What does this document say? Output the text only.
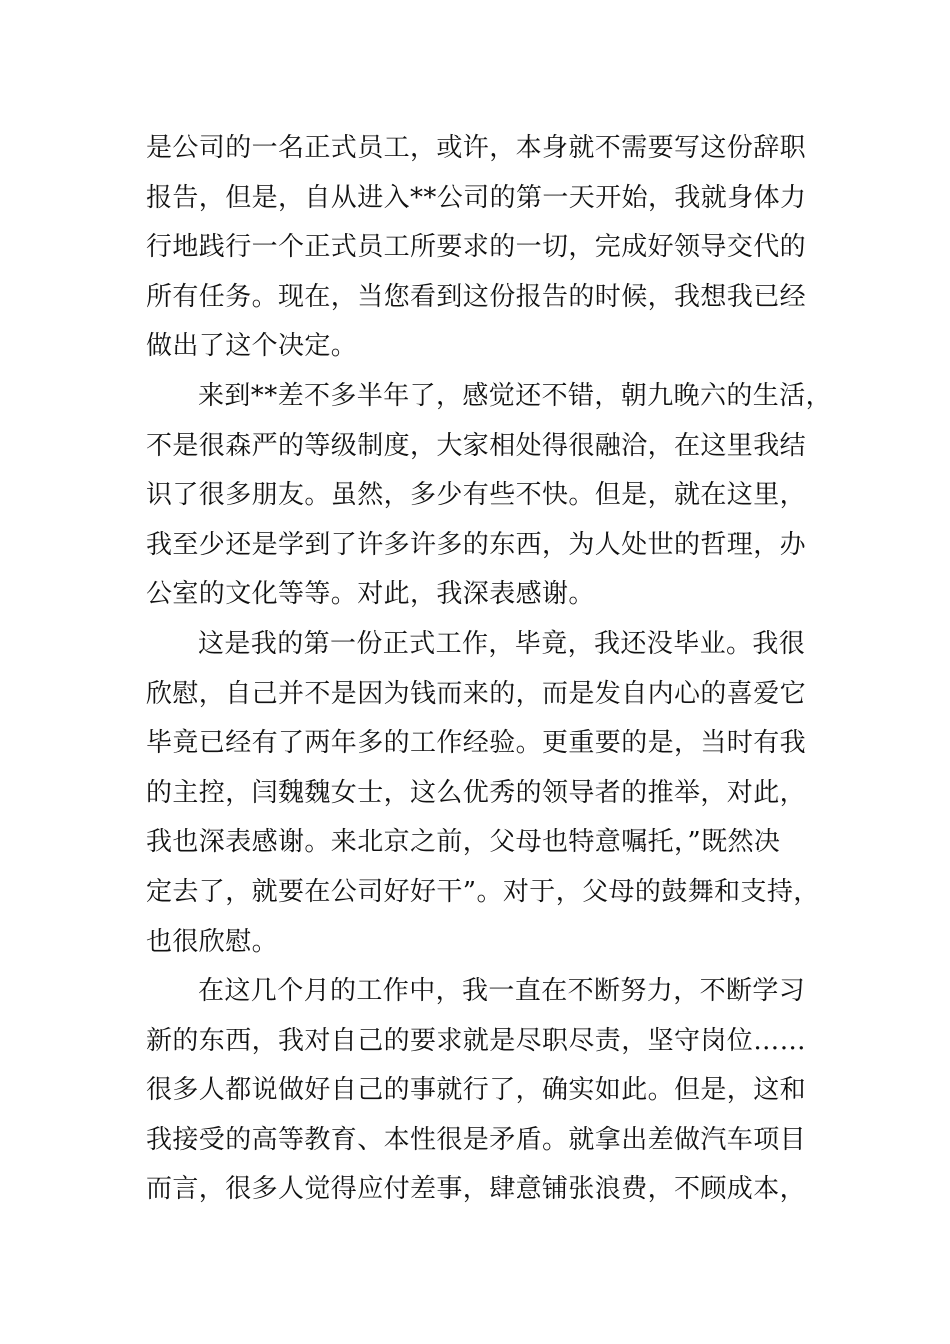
是公司的一名正式员工，或许，本身就不需要写这份辞职
报告，但是，自从进入**公司的第一天开始，我就身体力
行地践行一个正式员工所要求的一切，完成好领导交代的
所有任务。现在，当您看到这份报告的时候，我想我已经
做出了这个决定。
来到**差不多半年了，感觉还不错，朝九晚六的生活，
不是很森严的等级制度，大家相处得很融洽，在这里我结
识了很多朋友。虽然，多少有些不快。但是，就在这里，
我至少还是学到了许多许多的东西，为人处世的哲理，办
公室的文化等等。对此，我深表感谢。
这是我的第一份正式工作，毕竟，我还没毕业。我很
欣慰，自己并不是因为钱而来的，而是发自内心的喜爱它
毕竟已经有了两年多的工作经验。更重要的是，当时有我
的主控，闫魏魏女士，这么优秀的领导者的推举，对此，
我也深表感谢。来北京之前，父母也特意嘱托，”既然决
定去了，就要在公司好好干”。对于，父母的鼓舞和支持，
也很欣慰。
在这几个月的工作中，我一直在不断努力，不断学习
新的东西，我对自己的要求就是尽职尽责，坚守岗位……
很多人都说做好自己的事就行了，确实如此。但是，这和
我接受的高等教育、本性很是矛盾。就拿出差做汽车项目
而言，很多人觉得应付差事，肆意铺张浪费，不顾成本，
